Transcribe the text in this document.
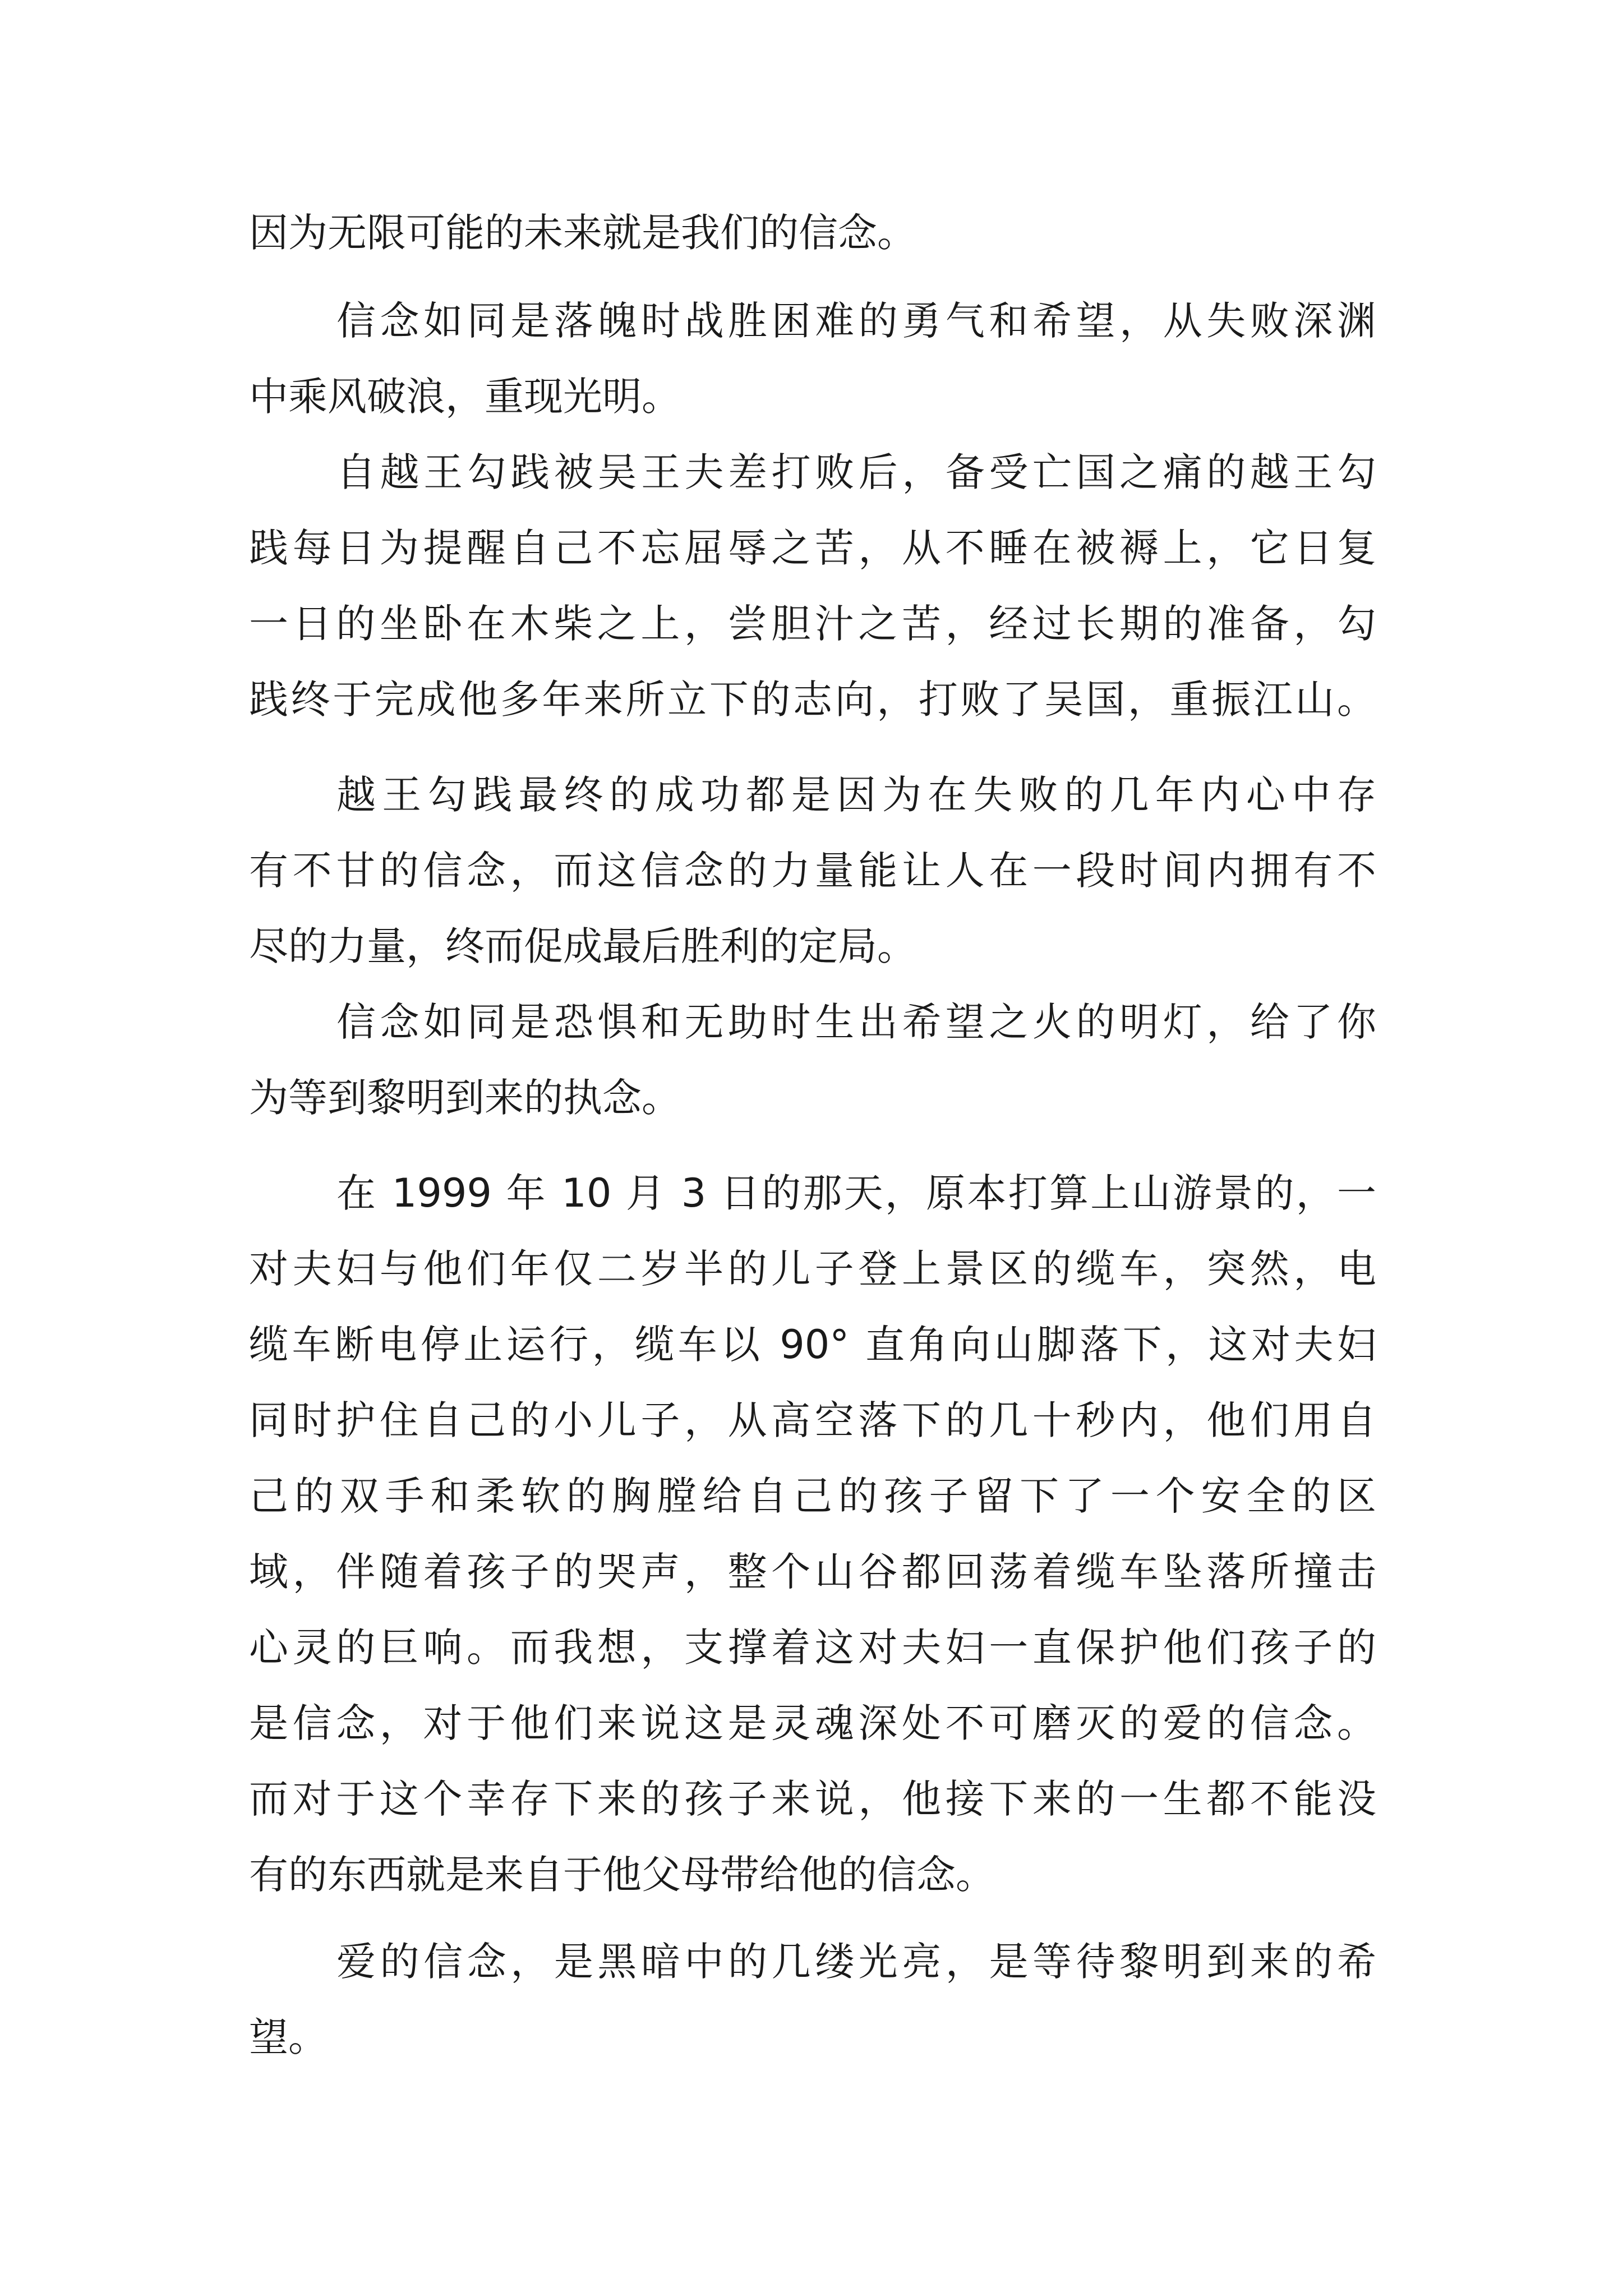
因为无限可能的未来就是我们的信念。

信念如同是落魄时战胜困难的勇气和希望，从失败深渊

中乘风破浪，重现光明。

自越王勾践被吴王夫差打败后，备受亡国之痛的越王勾

践每日为提醒自己不忘屈辱之苦，从不睡在被褥上，它日复

一日的坐卧在木柴之上，尝胆汁之苦，经过长期的准备，勾

践终于完成他多年来所立下的志向，打败了吴国，重振江山。

越王勾践最终的成功都是因为在失败的几年内心中存

有不甘的信念，而这信念的力量能让人在一段时间内拥有不

尽的力量，终而促成最后胜利的定局。

信念如同是恐惧和无助时生出希望之火的明灯，给了你

为等到黎明到来的执念。

在 1999 年 10 月 3 日的那天，原本打算上山游景的，一

对夫妇与他们年仅二岁半的儿子登上景区的缆车，突然，电

缆车断电停止运行，缆车以 90° 直角向山脚落下，这对夫妇

同时护住自己的小儿子，从高空落下的几十秒内，他们用自

己的双手和柔软的胸膛给自己的孩子留下了一个安全的区

域，伴随着孩子的哭声，整个山谷都回荡着缆车坠落所撞击

心灵的巨响。而我想，支撑着这对夫妇一直保护他们孩子的

是信念，对于他们来说这是灵魂深处不可磨灭的爱的信念。

而对于这个幸存下来的孩子来说，他接下来的一生都不能没

有的东西就是来自于他父母带给他的信念。

爱的信念，是黑暗中的几缕光亮，是等待黎明到来的希

望。
